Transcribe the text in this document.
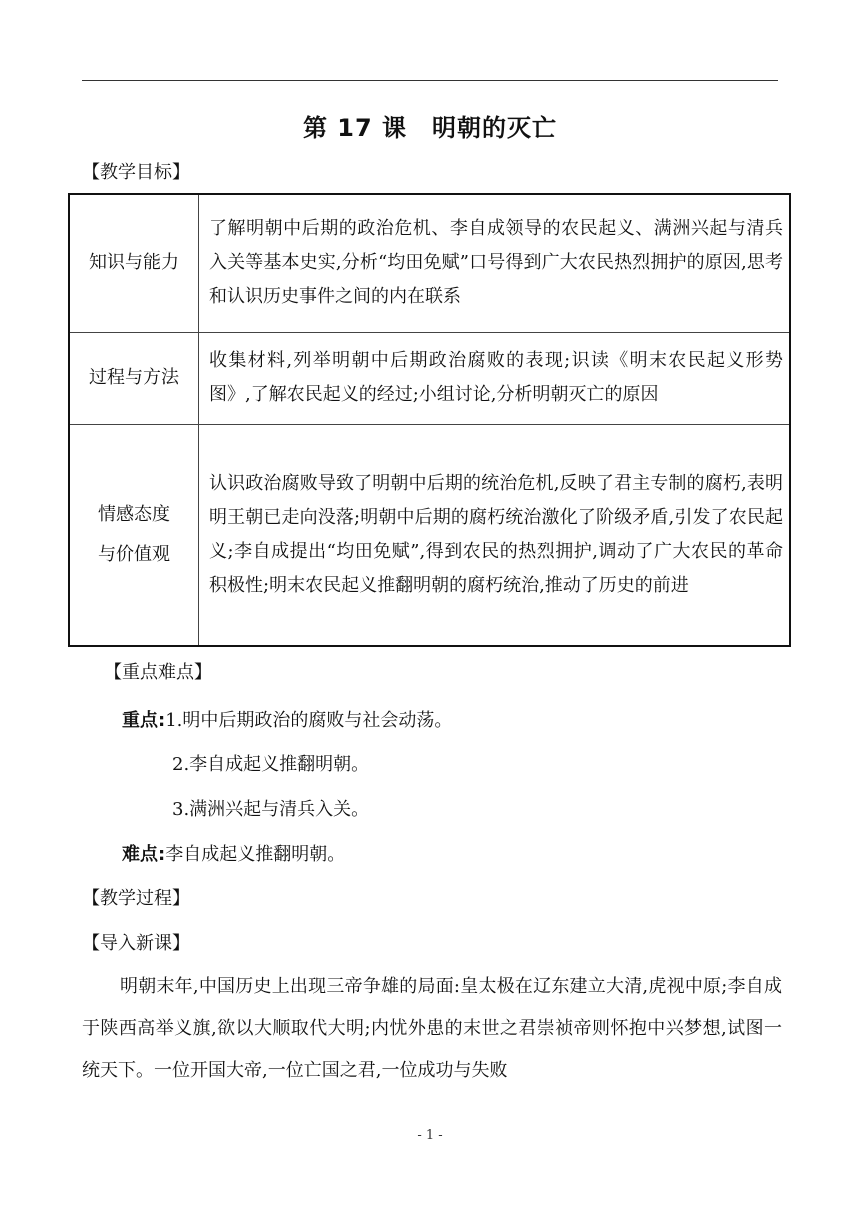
第 17 课　明朝的灭亡
【教学目标】
知识与能力	了解明朝中后期的政治危机、李自成领导的农民起义、满洲兴起与清兵入关等基本史实,分析“均田免赋”口号得到广大农民热烈拥护的原因,思考和认识历史事件之间的内在联系
过程与方法	收集材料,列举明朝中后期政治腐败的表现;识读《明末农民起义形势图》,了解农民起义的经过;小组讨论,分析明朝灭亡的原因

情感态度
与价值观	认识政治腐败导致了明朝中后期的统治危机,反映了君主专制的腐朽,表明明王朝已走向没落;明朝中后期的腐朽统治激化了阶级矛盾,引发了农民起义;李自成提出“均田免赋”,得到农民的热烈拥护,调动了广大农民的革命积极性;明末农民起义推翻明朝的腐朽统治,推动了历史的前进
【重点难点】
重点:1.明中后期政治的腐败与社会动荡。
2.李自成起义推翻明朝。
3.满洲兴起与清兵入关。
难点:李自成起义推翻明朝。
【教学过程】
【导入新课】
明朝末年,中国历史上出现三帝争雄的局面:皇太极在辽东建立大清,虎视中原;李自成于陕西高举义旗,欲以大顺取代大明;内忧外患的末世之君崇祯帝则怀抱中兴梦想,试图一统天下。一位开国大帝,一位亡国之君,一位成功与失败
- 1 -
